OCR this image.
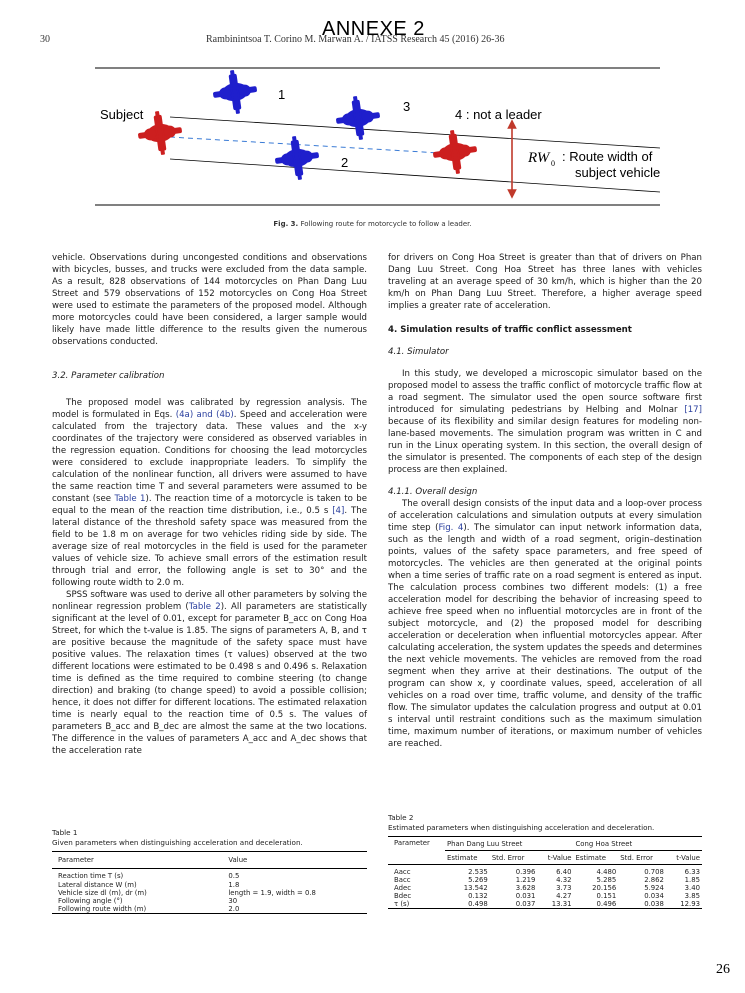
30	Rambinintsoa T. Corino M. Marwan A. / IATSS Research 45 (2016) 26-36
ANNEXE 2
Subject
1
3
2
4 : not a leader
RW 0 : Route width of
subject vehicle
Fig. 3. Following route for motorcycle to follow a leader.

vehicle. Observations during uncongested conditions and observations with bicycles, busses, and trucks were excluded from the data sample. As a result, 828 observations of 144 motorcycles on Phan Dang Luu Street and 579 observations of 152 motorcycles on Cong Hoa Street were used to estimate the parameters of the proposed model. Although more motorcycles could have been considered, a larger sample would likely have made little difference to the results given the numerous observations conducted.

3.2. Parameter calibration

The proposed model was calibrated by regression analysis. The model is formulated in Eqs. (4a) and (4b). Speed and acceleration were calculated from the trajectory data. These values and the x-y coordinates of the trajectory were considered as observed variables in the regression equation. Conditions for choosing the lead motorcycles were considered to exclude inappropriate leaders. To simplify the calculation of the nonlinear function, all drivers were assumed to have the same reaction time T and several parameters were assumed to be constant (see Table 1). The reaction time of a motorcycle is taken to be equal to the mean of the reaction time distribution, i.e., 0.5 s [4]. The lateral distance of the threshold safety space was measured from the field to be 1.8 m on average for two vehicles riding side by side. The average size of real motorcycles in the field is used for the parameter values of vehicle size. To achieve small errors of the estimation result through trial and error, the following angle is set to 30° and the following route width to 2.0 m.

SPSS software was used to derive all other parameters by solving the nonlinear regression problem (Table 2). All parameters are statistically significant at the level of 0.01, except for parameter B_acc on Cong Hoa Street, for which the t-value is 1.85. The signs of parameters A, B, and τ are positive because the magnitude of the safety space must have positive values. The relaxation times (τ values) observed at the two different locations were estimated to be 0.498 s and 0.496 s. Relaxation time is defined as the time required to combine steering (to change direction) and braking (to change speed) to avoid a possible collision; hence, it does not differ for different locations. The estimated relaxation time is nearly equal to the reaction time of 0.5 s. The values of parameters B_acc and B_dec are almost the same at the two locations. The difference in the values of parameters A_acc and A_dec shows that the acceleration rate

for drivers on Cong Hoa Street is greater than that of drivers on Phan Dang Luu Street. Cong Hoa Street has three lanes with vehicles traveling at an average speed of 30 km/h, which is higher than the 20 km/h on Phan Dang Luu Street. Therefore, a higher average speed implies a greater rate of acceleration.

4. Simulation results of traffic conflict assessment

4.1. Simulator

In this study, we developed a microscopic simulator based on the proposed model to assess the traffic conflict of motorcycle traffic flow at a road segment. The simulator used the open source software first introduced for simulating pedestrians by Helbing and Molnar [17] because of its flexibility and similar design features for modeling non-lane-based movements. The simulation program was written in C and run in the Linux operating system. In this section, the overall design of the simulator is presented. The components of each step of the design process are then explained.

4.1.1. Overall design

The overall design consists of the input data and a loop-over process of acceleration calculations and simulation outputs at every simulation time step (Fig. 4). The simulator can input network information data, such as the length and width of a road segment, origin–destination points, values of the safety space parameters, and free speed of motorcycles. The vehicles are then generated at the original points when a time series of traffic rate on a road segment is entered as input. The calculation process combines two different models: (1) a free acceleration model for describing the behavior of increasing speed to achieve free speed when no influential motorcycles are in front of the subject motorcycle, and (2) the proposed model for describing acceleration or deceleration when influential motorcycles appear. After calculating acceleration, the system updates the speeds and determines the next vehicle movements. The vehicles are removed from the road segment when they arrive at their destinations. The output of the program can show x, y coordinate values, speed, acceleration of all vehicles on a road over time, traffic volume, and density of the traffic flow. The simulator updates the calculation progress and output at 0.01 s interval until restraint conditions such as the maximum simulation time, maximum number of iterations, or maximum number of vehicles are reached.

Table 1
Given parameters when distinguishing acceleration and deceleration.
Parameter	Value
Reaction time T (s)	0.5
Lateral distance W (m)	1.8
Vehicle size dl (m), dr (m)	length = 1.9, width = 0.8
Following angle (°)	30
Following route width (m)	2.0
Table 2
Estimated parameters when distinguishing acceleration and deceleration.
Parameter	Phan Dang Luu Street			Cong Hoa Street		
	Estimate	Std. Error	t-Value	Estimate	Std. Error	t-Value
Aacc	2.535	0.396	6.40	4.480	0.708	6.33
Bacc	5.269	1.219	4.32	5.285	2.862	1.85
Adec	13.542	3.628	3.73	20.156	5.924	3.40
Bdec	0.132	0.031	4.27	0.151	0.034	3.85
τ (s)	0.498	0.037	13.31	0.496	0.038	12.93
26
